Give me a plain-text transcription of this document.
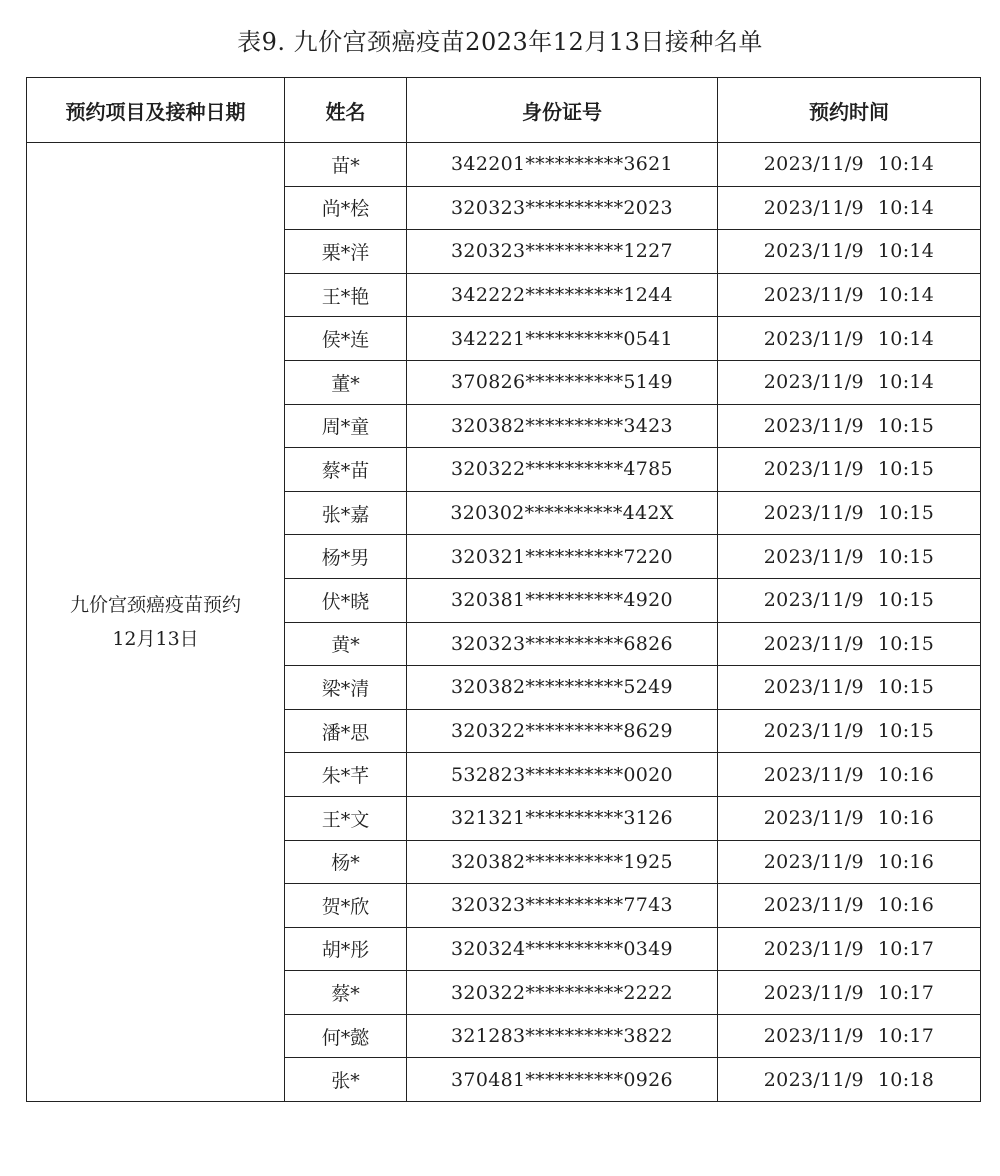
表9. 九价宫颈癌疫苗2023年12月13日接种名单
预约项目及接种日期	姓名	身份证号	预约时间

九价宫颈癌疫苗预约
12月13日	苗*	342201**********3621	2023/11/9 10:14
	尚*桧	320323**********2023	2023/11/9 10:14
	栗*洋	320323**********1227	2023/11/9 10:14
	王*艳	342222**********1244	2023/11/9 10:14
	侯*连	342221**********0541	2023/11/9 10:14
	董*	370826**********5149	2023/11/9 10:14
	周*童	320382**********3423	2023/11/9 10:15
	蔡*苗	320322**********4785	2023/11/9 10:15
	张*嘉	320302**********442X	2023/11/9 10:15
	杨*男	320321**********7220	2023/11/9 10:15
	伏*晓	320381**********4920	2023/11/9 10:15
	黄*	320323**********6826	2023/11/9 10:15
	梁*清	320382**********5249	2023/11/9 10:15
	潘*思	320322**********8629	2023/11/9 10:15
	朱*芊	532823**********0020	2023/11/9 10:16
	王*文	321321**********3126	2023/11/9 10:16
	杨*	320382**********1925	2023/11/9 10:16
	贺*欣	320323**********7743	2023/11/9 10:16
	胡*彤	320324**********0349	2023/11/9 10:17
	蔡*	320322**********2222	2023/11/9 10:17
	何*懿	321283**********3822	2023/11/9 10:17
	张*	370481**********0926	2023/11/9 10:18
